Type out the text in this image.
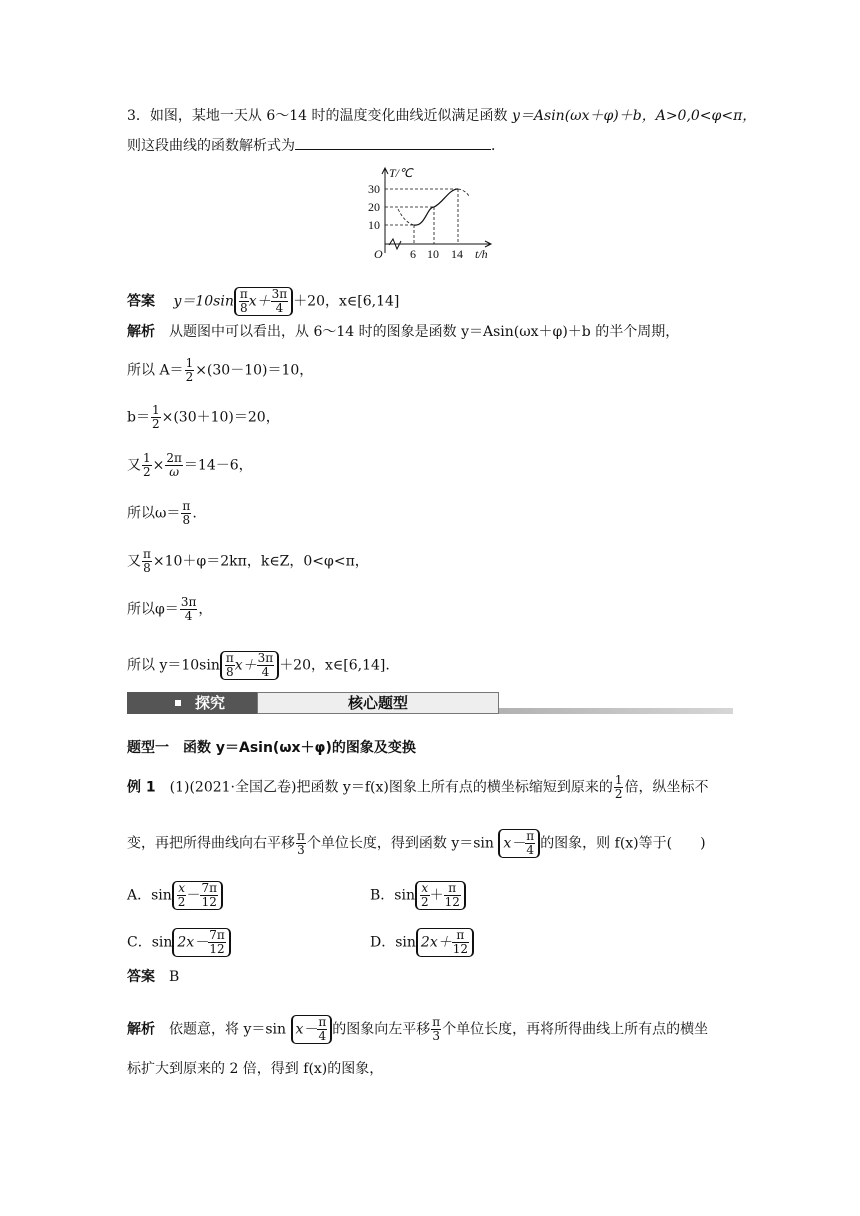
3．如图，某地一天从 6～14 时的温度变化曲线近似满足函数 y＝Asin(ωx＋φ)＋b，A>0,0<φ<π，
则这段曲线的函数解析式为	．
T/℃
30
20
10
O 6 10 14 t/h
答案　 $y=10\sin \frac{\pi}{8} x+ \frac{3\pi}{4} +20$，x∈[6,14]
解析　 从题图中可以看出，从 6～14 时的图象是函数 y＝Asin(ωx＋φ)＋b 的半个周期，
所以 $A= \frac{1}{2} \times(30-10)=10$，
$b= \frac{1}{2} \times(30+10)=20$，
又 $\frac{1}{2} \times \frac{2\pi}{\omega} =14-6$，
所以$\omega= \frac{\pi}{8}$ .
又 $\frac{\pi}{8} \times 10+\varphi=2k\pi$，k∈Z，0<φ<π，
所以$\varphi= \frac{3\pi}{4}$ ，
所以 $y=10\sin \frac{\pi}{8} x+ \frac{3\pi}{4} +20$，x∈[6,14].
探究	核心题型
题型一　函数 y＝Asin(ωx＋φ)的图象及变换
例 1　 (1)(2021·全国乙卷)把函数 y＝f(x)图象上所有点的横坐标缩短到原来的 $\frac{1}{2}$ 倍，纵坐标不
变，再把所得曲线向右平移 $\frac{\pi}{3}$ 个单位长度，得到函数 y＝sin $x- \frac{\pi}{4}$ 的图象，则 f(x)等于(　　)
A．$\sin \frac{x}{2} - \frac{7\pi}{12}$	B．$\sin \frac{x}{2} + \frac{\pi}{12}$
C．$\sin 2x- \frac{7\pi}{12}$	D．$\sin 2x+ \frac{\pi}{12}$
答案　 B
解析　 依题意，将 y＝sin $x- \frac{\pi}{4}$ 的图象向左平移 $\frac{\pi}{3}$ 个单位长度，再将所得曲线上所有点的横坐
标扩大到原来的 2 倍，得到 f(x)的图象，
